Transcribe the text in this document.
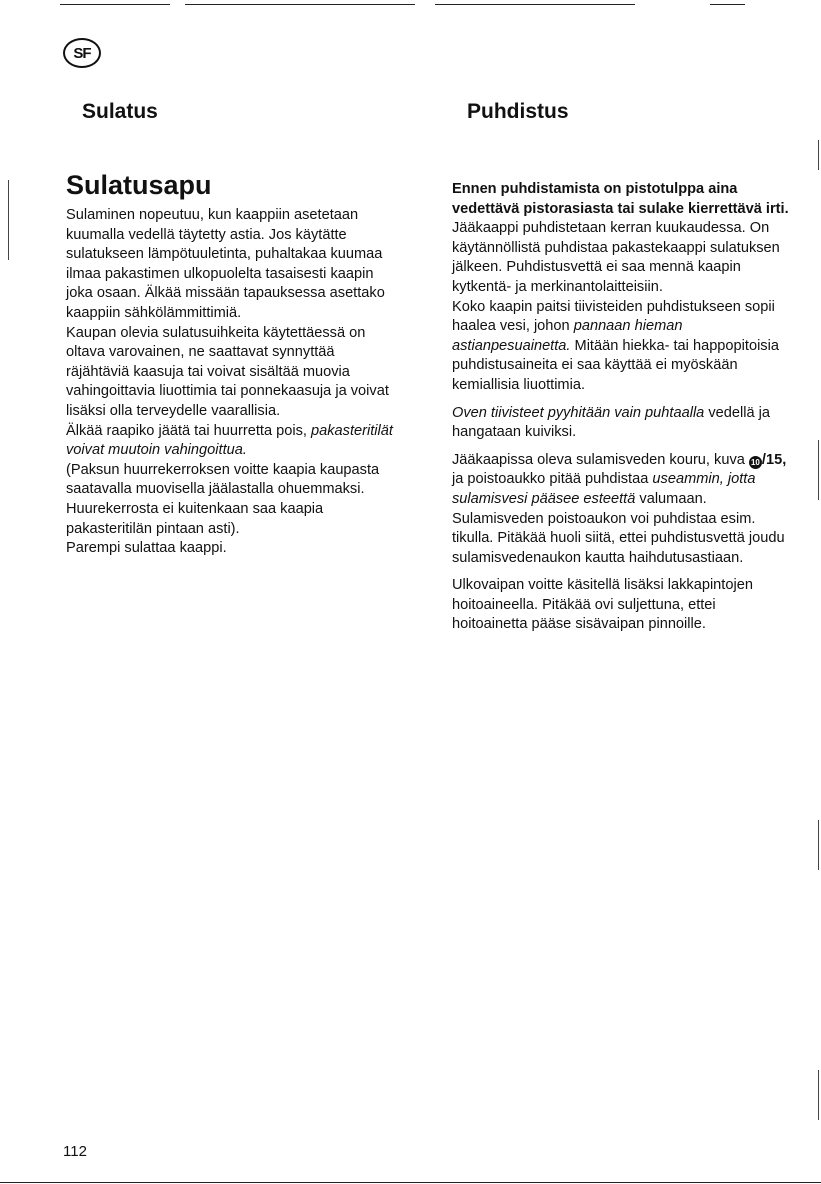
SF
Sulatus	Puhdistus
Sulatusapu

Sulaminen nopeutuu, kun kaappiin asetetaan kuumalla vedellä täytetty astia. Jos käytätte sulatukseen lämpötuuletinta, puhaltakaa kuumaa ilmaa pakastimen ulkopuolelta tasaisesti kaapin joka osaan. Älkää missään tapauksessa asettako kaappiin sähkölämmittimiä.

Kaupan olevia sulatusuihkeita käytettäessä on oltava varovainen, ne saattavat synnyttää räjähtäviä kaasuja tai voivat sisältää muovia vahingoittavia liuottimia tai ponnekaasuja ja voivat lisäksi olla terveydelle vaarallisia.

Älkää raapiko jäätä tai huurretta pois, pakasteritilät voivat muutoin vahingoittua.

(Paksun huurrekerroksen voitte kaapia kaupasta saatavalla muovisella jäälastalla ohuemmaksi. Huurekerrosta ei kuitenkaan saa kaapia pakasteritilän pintaan asti).

Parempi sulattaa kaappi.

Ennen puhdistamista on pistotulppa aina vedettävä pistorasiasta tai sulake kierrettävä irti.

Jääkaappi puhdistetaan kerran kuukaudessa. On käytännöllistä puhdistaa pakastekaappi sulatuksen jälkeen. Puhdistusvettä ei saa mennä kaapin kytkentä- ja merkinantolaitteisiin.

Koko kaapin paitsi tiivisteiden puhdistukseen sopii haalea vesi, johon pannaan hieman astianpesuainetta. Mitään hiekka- tai happopitoisia puhdistusaineita ei saa käyttää ei myöskään kemiallisia liuottimia.

Oven tiivisteet pyyhitään vain puhtaalla vedellä ja hangataan kuiviksi.

Jääkaapissa oleva sulamisveden kouru, kuva 10 /15, ja poistoaukko pitää puhdistaa useammin, jotta sulamisvesi pääsee esteettä valumaan. Sulamisveden poistoaukon voi puhdistaa esim. tikulla. Pitäkää huoli siitä, ettei puhdistusvettä joudu sulamisvedenaukon kautta haihdutusastiaan.

Ulkovaipan voitte käsitellä lisäksi lakkapintojen hoitoaineella. Pitäkää ovi suljettuna, ettei hoitoainetta pääse sisävaipan pinnoille.

112
